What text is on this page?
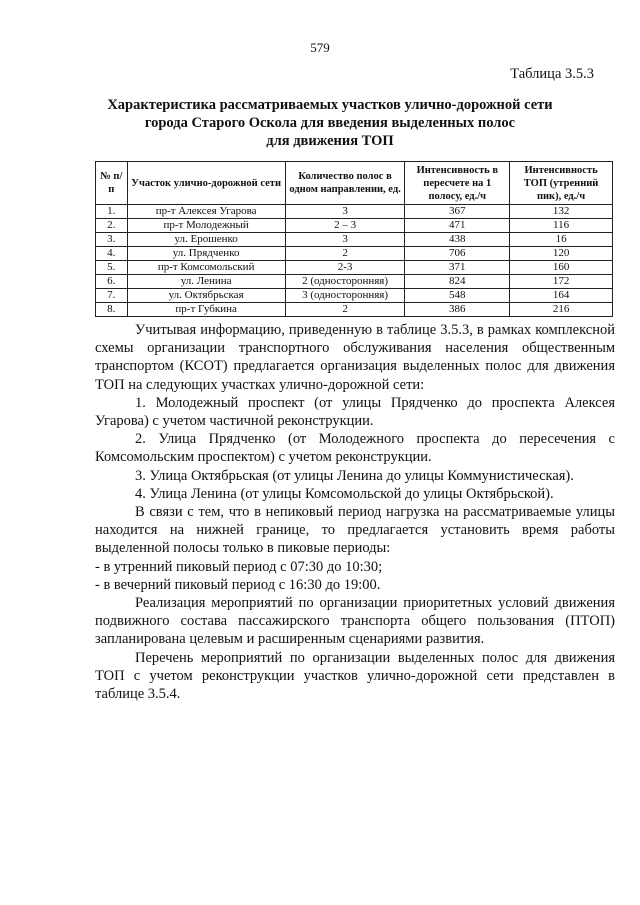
579
Таблица 3.5.3
Характеристика рассматриваемых участков улично-дорожной сети
города Старого Оскола для введения выделенных полос
для движения ТОП
№ п/п	Участок улично-дорожной сети	Количество полос в одном направлении, ед.	Интенсивность в пересчете на 1 полосу, ед./ч	Интенсивность ТОП (утренний пик), ед./ч
1.	пр-т Алексея Угарова	3	367	132
2.	пр-т Молодежный	2 – 3	471	116
3.	ул. Ерошенко	3	438	16
4.	ул. Прядченко	2	706	120
5.	пр-т Комсомольский	2-3	371	160
6.	ул. Ленина	2 (односторонняя)	824	172
7.	ул. Октябрьская	3 (односторонняя)	548	164
8.	пр-т Губкина	2	386	216

Учитывая информацию, приведенную в таблице 3.5.3, в рамках комплексной схемы организации транспортного обслуживания населения общественным транспортом (КСОТ) предлагается организация выделенных полос для движения ТОП на следующих участках улично-дорожной сети:

1. Молодежный проспект (от улицы Прядченко до проспекта Алексея Угарова) с учетом частичной реконструкции.

2. Улица Прядченко (от Молодежного проспекта до пересечения с Комсомольским проспектом) с учетом реконструкции.

3. Улица Октябрьская (от улицы Ленина до улицы Коммунистическая).

4. Улица Ленина (от улицы Комсомольской до улицы Октябрьской).

В связи с тем, что в непиковый период нагрузка на рассматриваемые улицы находится на нижней границе, то предлагается установить время работы выделенной полосы только в пиковые периоды:

- в утренний пиковый период с 07:30 до 10:30;

- в вечерний пиковый период с 16:30 до 19:00.

Реализация мероприятий по организации приоритетных условий движения подвижного состава пассажирского транспорта общего пользования (ПТОП) запланирована целевым и расширенным сценариями развития.

Перечень мероприятий по организации выделенных полос для движения ТОП с учетом реконструкции участков улично-дорожной сети представлен в таблице 3.5.4.
